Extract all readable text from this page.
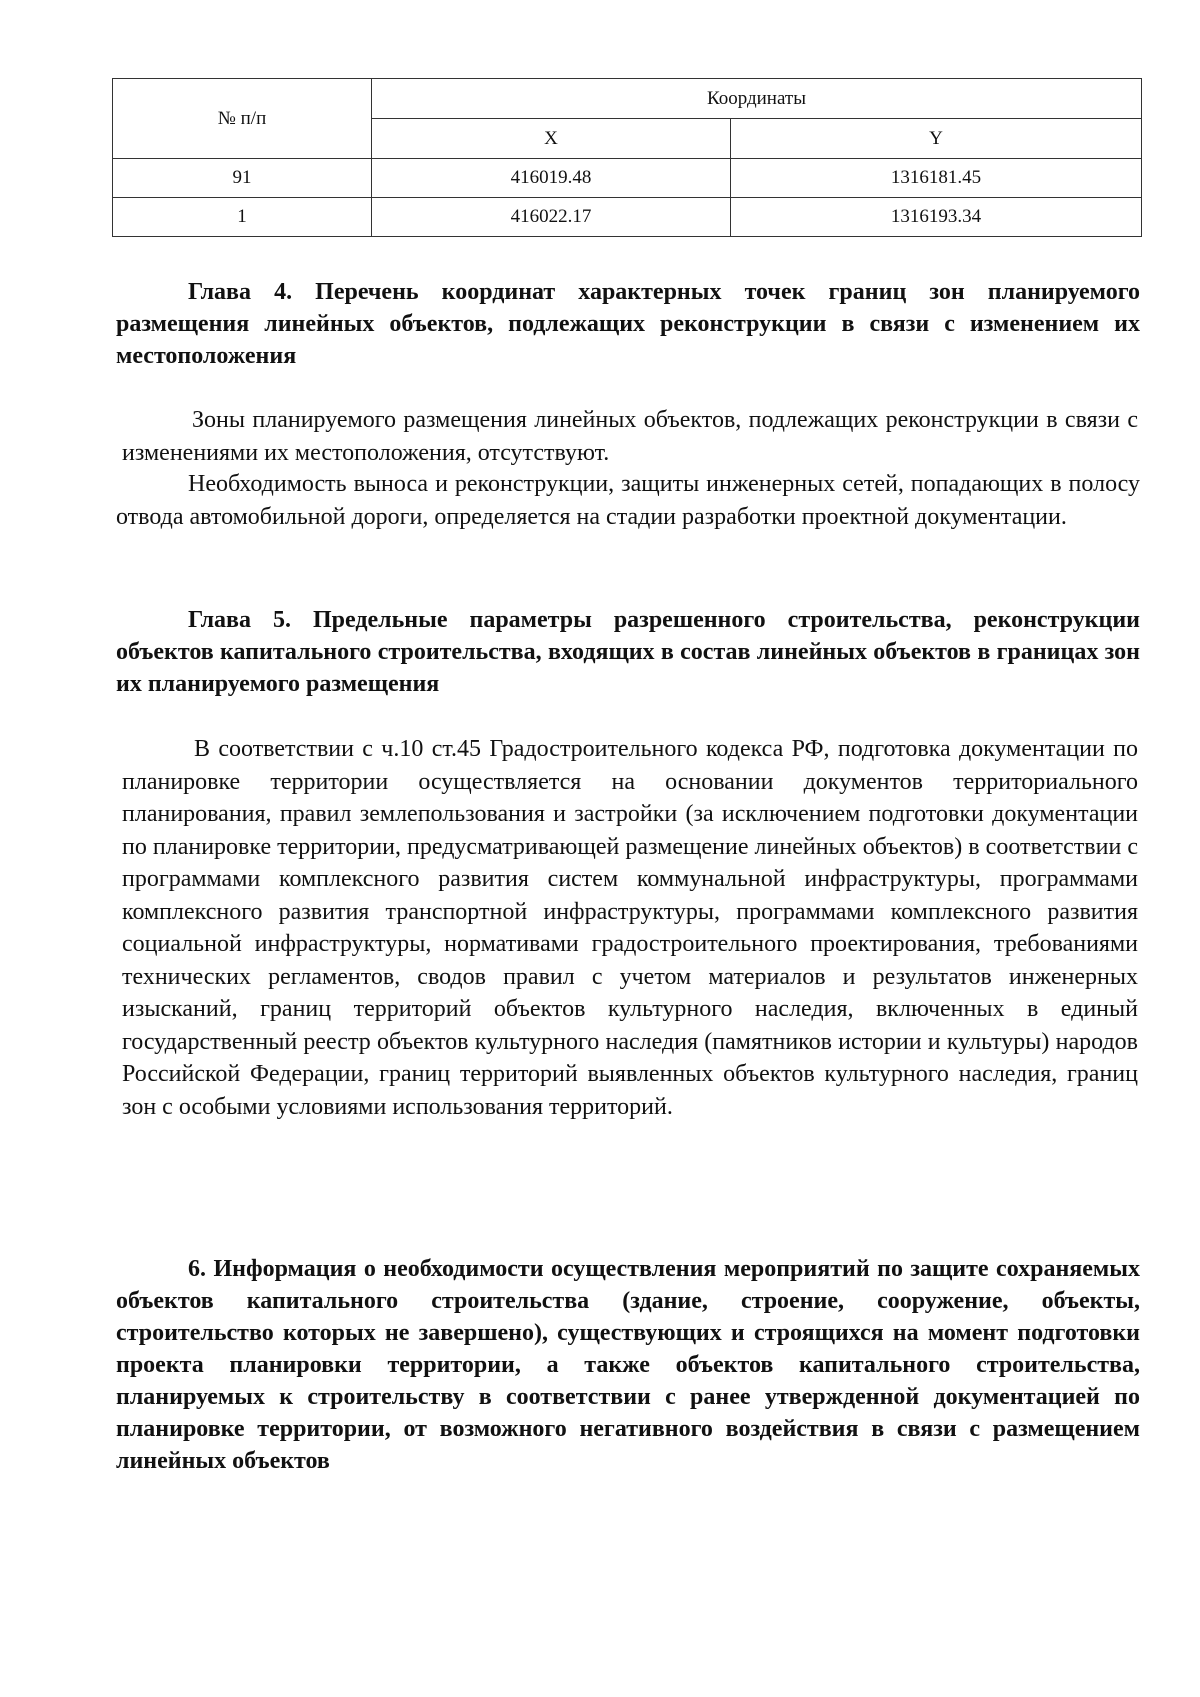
№ п/п	Координаты	
	X	Y
91	416019.48	1316181.45
1	416022.17	1316193.34
Глава 4. Перечень координат характерных точек границ зон планируемого размещения линейных объектов, подлежащих реконструкции в связи с изменением их местоположения
Зоны планируемого размещения линейных объектов, подлежащих реконструкции в связи с изменениями их местоположения, отсутствуют.
Необходимость выноса и реконструкции, защиты инженерных сетей, попадающих в полосу отвода автомобильной дороги, определяется на стадии разработки проектной документации.
Глава 5. Предельные параметры разрешенного строительства, реконструкции объектов капитального строительства, входящих в состав линейных объектов в границах зон их планируемого размещения
В соответствии с ч.10 ст.45 Градостроительного кодекса РФ, подготовка документации по планировке территории осуществляется на основании документов территориального планирования, правил землепользования и застройки (за исключением подготовки документации по планировке территории, предусматривающей размещение линейных объектов) в соответствии с программами комплексного развития систем коммунальной инфраструктуры, программами комплексного развития транспортной инфраструктуры, программами комплексного развития социальной инфраструктуры, нормативами градостроительного проектирования, требованиями технических регламентов, сводов правил с учетом материалов и результатов инженерных изысканий, границ территорий объектов культурного наследия, включенных в единый государственный реестр объектов культурного наследия (памятников истории и культуры) народов Российской Федерации, границ территорий выявленных объектов культурного наследия, границ зон с особыми условиями использования территорий.
6. Информация о необходимости осуществления мероприятий по защите сохраняемых объектов капитального строительства (здание, строение, сооружение, объекты, строительство которых не завершено), существующих и строящихся на момент подготовки проекта планировки территории, а также объектов капитального строительства, планируемых к строительству в соответствии с ранее утвержденной документацией по планировке территории, от возможного негативного воздействия в связи с размещением линейных объектов
